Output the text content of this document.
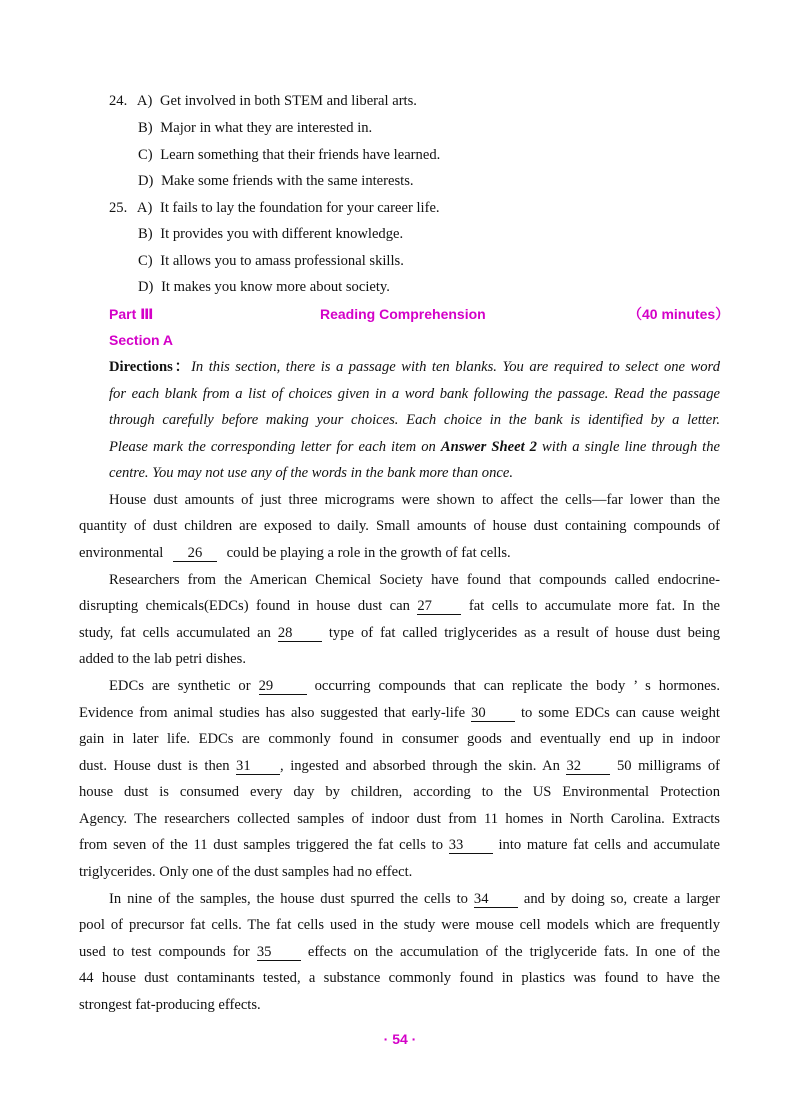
24. A) Get involved in both STEM and liberal arts.
B) Major in what they are interested in.
C) Learn something that their friends have learned.
D) Make some friends with the same interests.
25. A) It fails to lay the foundation for your career life.
B) It provides you with different knowledge.
C) It allows you to amass professional skills.
D) It makes you know more about society.
Part Ⅲ	Reading Comprehension	（40 minutes）
Section A
Directions：In this section, there is a passage with ten blanks. You are required to select one word
for each blank from a list of choices given in a word bank following the passage. Read the passage
through carefully before making your choices. Each choice in the bank is identified by a letter.
Please mark the corresponding letter for each item on Answer Sheet 2 with a single line through the
centre. You may not use any of the words in the bank more than once.
House dust amounts of just three micrograms were shown to affect the cells—far lower than the
quantity of dust children are exposed to daily. Small amounts of house dust containing compounds of
environmental 26 could be playing a role in the growth of fat cells.
Researchers from the American Chemical Society have found that compounds called endocrine-
disrupting chemicals(EDCs) found in house dust can 27	fat cells to accumulate more fat. In the
study, fat cells accumulated an 28 type of fat called triglycerides as a result of house dust being
added to the lab petri dishes.
EDCs are synthetic or 29	occurring compounds that can replicate the body ’ s hormones.
Evidence from animal studies has also suggested that early-life 30 to some EDCs can cause weight
gain in later life. EDCs are commonly found in consumer goods and eventually end up in indoor
dust. House dust is then 31 , ingested and absorbed through the skin. An 32 50 milligrams of
house dust is consumed every day by children, according to the US Environmental Protection
Agency. The researchers collected samples of indoor dust from 11 homes in North Carolina. Extracts
from seven of the 11 dust samples triggered the fat cells to 33 into mature fat cells and accumulate
triglycerides. Only one of the dust samples had no effect.
In nine of the samples, the house dust spurred the cells to 34 and by doing so, create a larger
pool of precursor fat cells. The fat cells used in the study were mouse cell models which are frequently
used to test compounds for 35 effects on the accumulation of the triglyceride fats. In one of the
44 house dust contaminants tested, a substance commonly found in plastics was found to have the
strongest fat-producing effects.
· 54 ·
